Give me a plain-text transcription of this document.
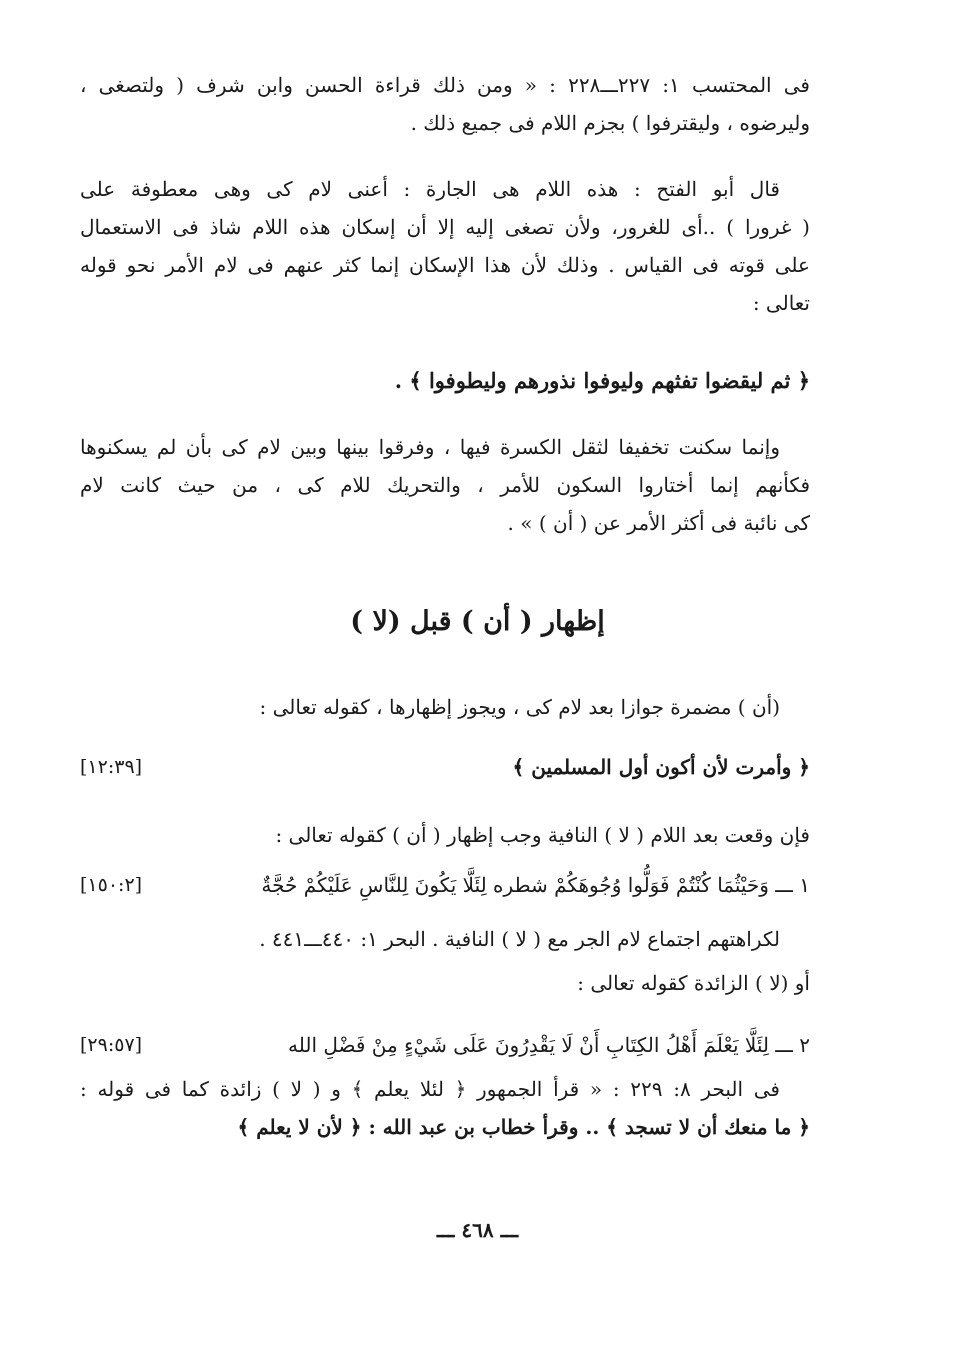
فى المحتسب ١: ٢٢٧ـــ٢٢٨ : « ومن ذلك قراءة الحسن وابن شرف ( ولتصغى ،
وليرضوه ، وليقترفوا ) بجزم اللام فى جميع ذلك .
قال أبو الفتح : هذه اللام هى الجارة : أعنى لام كى وهى معطوفة على
( غرورا ) ..أى للغرور، ولأن تصغى إليه إلا أن إسكان هذه اللام شاذ فى الاستعمال
على قوته فى القياس . وذلك لأن هذا الإسكان إنما كثر عنهم فى لام الأمر نحو قوله
تعالى :
﴿ ثم ليقضوا تفثهم وليوفوا نذورهم وليطوفوا ﴾ .
وإنما سكنت تخفيفا لثقل الكسرة فيها ، وفرقوا بينها وبين لام كى بأن لم يسكنوها
فكأنهم إنما أختاروا السكون للأمر ، والتحريك للام كى ، من حيث كانت لام
كى نائبة فى أكثر الأمر عن ( أن ) » .
إظهار ( أن ) قبل (لا )
(أن ) مضمرة جوازا بعد لام كى ، ويجوز إظهارها ، كقوله تعالى :
﴿ وأمرت لأن أكون أول المسلمين ﴾
[١٢:٣٩]
فإن وقعت بعد اللام ( لا ) النافية وجب إظهار ( أن ) كقوله تعالى :
١ ـــ وَحَيْثُمَا كُنْتُمْ فَوَلُّوا وُجُوهَكُمْ شطره لِئَلَّا يَكُونَ لِلنَّاسِ عَلَيْكُمْ حُجَّةٌ
[١٥٠:٢]
لكراهتهم اجتماع لام الجر مع ( لا ) النافية . البحر ١: ٤٤٠ـــ٤٤١ .
أو (لا ) الزائدة كقوله تعالى :
٢ ـــ لِئَلَّا يَعْلَمَ أَهْلُ الكِتَابِ أَنْ لَا يَقْدِرُونَ عَلَى شَيْءٍ مِنْ فَضْلِ الله
[٢٩:٥٧]
فى البحر ٨: ٢٢٩ : « قرأ الجمهور ﴿ لئلا يعلم ﴾ و ( لا ) زائدة كما فى قوله :
﴿ ما منعك أن لا تسجد ﴾ .. وقرأ خطاب بن عبد الله : ﴿ لأن لا يعلم ﴾
ـــ ٤٦٨ ـــ
